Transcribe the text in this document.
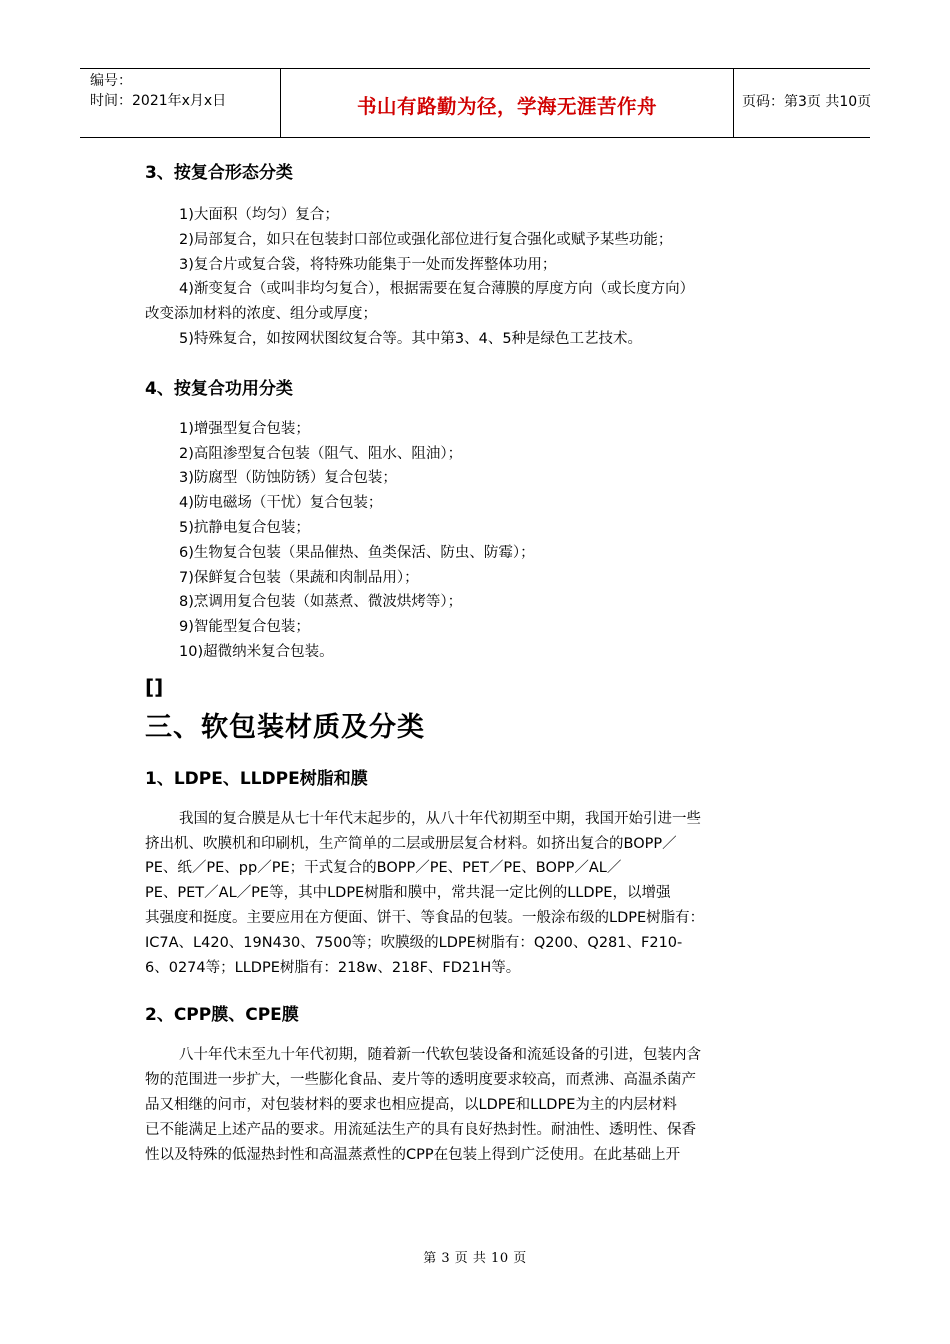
编号：
时间：2021年x月x日	书山有路勤为径，学海无涯苦作舟	页码：第3页 共10页

3、按复合形态分类

1)大面积（均匀）复合；

2)局部复合，如只在包装封口部位或强化部位进行复合强化或赋予某些功能；

3)复合片或复合袋，将特殊功能集于一处而发挥整体功用；

4)渐变复合（或叫非均匀复合），根据需要在复合薄膜的厚度方向（或长度方向）

改变添加材料的浓度、组分或厚度；

5)特殊复合，如按网状图纹复合等。其中第3、4、5种是绿色工艺技术。

4、按复合功用分类

1)增强型复合包装；

2)高阻渗型复合包装（阻气、阻水、阻油）；

3)防腐型（防蚀防锈）复合包装；

4)防电磁场（干忧）复合包装；

5)抗静电复合包装；

6)生物复合包装（果品催热、鱼类保活、防虫、防霉）；

7)保鲜复合包装（果蔬和肉制品用）；

8)烹调用复合包装（如蒸煮、微波烘烤等）；

9)智能型复合包装；

10)超微纳米复合包装。

[]

三、软包装材质及分类

1、LDPE、LLDPE树脂和膜

我国的复合膜是从七十年代末起步的，从八十年代初期至中期，我国开始引进一些

挤出机、吹膜机和印刷机，生产简单的二层或册层复合材料。如挤出复合的BOPP／

PE、纸／PE、pp／PE；干式复合的BOPP／PE、PET／PE、BOPP／AL／

PE、PET／AL／PE等，其中LDPE树脂和膜中，常共混一定比例的LLDPE，以增强

其强度和挺度。主要应用在方便面、饼干、等食品的包装。一般涂布级的LDPE树脂有：

IC7A、L420、19N430、7500等；吹膜级的LDPE树脂有：Q200、Q281、F210-

6、0274等；LLDPE树脂有：218w、218F、FD21H等。

2、CPP膜、CPE膜

八十年代末至九十年代初期，随着新一代软包装设备和流延设备的引进，包装内含

物的范围进一步扩大，一些膨化食品、麦片等的透明度要求较高，而煮沸、高温杀菌产

品又相继的问市，对包装材料的要求也相应提高，以LDPE和LLDPE为主的内层材料

已不能满足上述产品的要求。用流延法生产的具有良好热封性。耐油性、透明性、保香

性以及特殊的低湿热封性和高温蒸煮性的CPP在包装上得到广泛使用。在此基础上开

第 3 页 共 10 页
